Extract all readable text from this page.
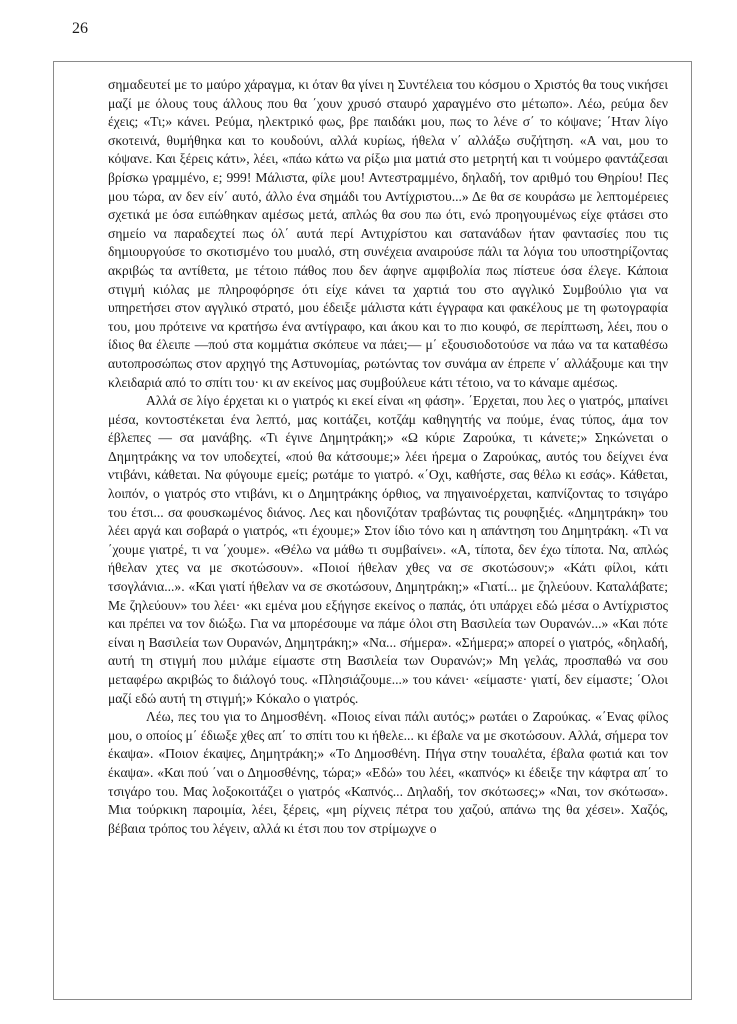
26

σημαδευτεί με το μαύρο χάραγμα, κι όταν θα γίνει η Συντέλεια του κόσμου ο Χριστός θα τους νικήσει μαζί με όλους τους άλλους που θα ΄χουν χρυσό σταυρό χαραγμένο στο μέτωπο». Λέω, ρεύμα δεν έχεις; «Τι;» κάνει. Ρεύμα, ηλεκτρικό φως, βρε παιδάκι μου, πως το λένε σ΄ το κόψανε; ΄Ηταν λίγο σκοτεινά, θυμήθηκα και το κουδούνι, αλλά κυρίως, ήθελα ν΄ αλλάξω συζήτηση. «Α ναι, μου το κόψανε. Και ξέρεις κάτι», λέει, «πάω κάτω να ρίξω μια ματιά στο μετρητή και τι νούμερο φαντάζεσαι βρίσκω γραμμένο, ε; 999! Μάλιστα, φίλε μου! Αντεστραμμένο, δηλαδή, τον αριθμό του Θηρίου! Πες μου τώρα, αν δεν είν΄ αυτό, άλλο ένα σημάδι του Αντίχριστου...» Δε θα σε κουράσω με λεπτομέρειες σχετικά με όσα ειπώθηκαν αμέσως μετά, απλώς θα σου πω ότι, ενώ προηγουμένως είχε φτάσει στο σημείο να παραδεχτεί πως όλ΄ αυτά περί Αντιχρίστου και σατανάδων ήταν φαντασίες που τις δημιουργούσε το σκοτισμένο του μυαλό, στη συνέχεια αναιρούσε πάλι τα λόγια του υποστηρίζοντας ακριβώς τα αντίθετα, με τέτοιο πάθος που δεν άφηνε αμφιβολία πως πίστευε όσα έλεγε. Κάποια στιγμή κιόλας με πληροφόρησε ότι είχε κάνει τα χαρτιά του στο αγγλικό Συμβούλιο για να υπηρετήσει στον αγγλικό στρατό, μου έδειξε μάλιστα κάτι έγγραφα και φακέλους με τη φωτογραφία του, μου πρότεινε να κρατήσω ένα αντίγραφο, και άκου και το πιο κουφό, σε περίπτωση, λέει, που ο ίδιος θα έλειπε —πού στα κομμάτια σκόπευε να πάει;— μ΄ εξουσιοδοτούσε να πάω να τα καταθέσω αυτοπροσώπως στον αρχηγό της Αστυνομίας, ρωτώντας τον συνάμα αν έπρεπε ν΄ αλλάξουμε και την κλειδαριά από το σπίτι του· κι αν εκείνος μας συμβούλευε κάτι τέτοιο, να το κάναμε αμέσως.

Αλλά σε λίγο έρχεται κι ο γιατρός κι εκεί είναι «η φάση». ΄Ερχεται, που λες ο γιατρός, μπαίνει μέσα, κοντοστέκεται ένα λεπτό, μας κοιτάζει, κοτζάμ καθηγητής να πούμε, ένας τύπος, άμα τον έβλεπες — σα μανάβης. «Τι έγινε Δημητράκη;» «Ω κύριε Ζαρούκα, τι κάνετε;» Σηκώνεται ο Δημητράκης να τον υποδεχτεί, «πού θα κάτσουμε;» λέει ήρεμα ο Ζαρούκας, αυτός του δείχνει ένα ντιβάνι, κάθεται. Να φύγουμε εμείς; ρωτάμε το γιατρό. «΄Οχι, καθήστε, σας θέλω κι εσάς». Κάθεται, λοιπόν, ο γιατρός στο ντιβάνι, κι ο Δημητράκης όρθιος, να πηγαινοέρχεται, καπνίζοντας το τσιγάρο του έτσι... σα φουσκωμένος διάνος. Λες και ηδονιζόταν τραβώντας τις ρουφηξιές. «Δημητράκη» του λέει αργά και σοβαρά ο γιατρός, «τι έχουμε;» Στον ίδιο τόνο και η απάντηση του Δημητράκη. «Τι να ΄χουμε γιατρέ, τι να ΄χουμε». «Θέλω να μάθω τι συμβαίνει». «Α, τίποτα, δεν έχω τίποτα. Να, απλώς ήθελαν χτες να με σκοτώσουν». «Ποιοί ήθελαν χθες να σε σκοτώσουν;» «Κάτι φίλοι, κάτι τσογλάνια...». «Και γιατί ήθελαν να σε σκοτώσουν, Δημητράκη;» «Γιατί... με ζηλεύουν. Καταλάβατε; Με ζηλεύουν» του λέει· «κι εμένα μου εξήγησε εκείνος ο παπάς, ότι υπάρχει εδώ μέσα ο Αντίχριστος και πρέπει να τον διώξω. Για να μπορέσουμε να πάμε όλοι στη Βασιλεία των Ουρανών...» «Και πότε είναι η Βασιλεία των Ουρανών, Δημητράκη;» «Να... σήμερα». «Σήμερα;» απορεί ο γιατρός, «δηλαδή, αυτή τη στιγμή που μιλάμε είμαστε στη Βασιλεία των Ουρανών;» Μη γελάς, προσπαθώ να σου μεταφέρω ακριβώς το διάλογό τους. «Πλησιάζουμε...» του κάνει· «είμαστε· γιατί, δεν είμαστε; ΄Ολοι μαζί εδώ αυτή τη στιγμή;» Κόκαλο ο γιατρός.

Λέω, πες του για το Δημοσθένη. «Ποιος είναι πάλι αυτός;» ρωτάει ο Ζαρούκας. «΄Ενας φίλος μου, ο οποίος μ΄ έδιωξε χθες απ΄ το σπίτι του κι ήθελε... κι έβαλε να με σκοτώσουν. Αλλά, σήμερα τον έκαψα». «Ποιον έκαψες, Δημητράκη;» «Το Δημοσθένη. Πήγα στην τουαλέτα, έβαλα φωτιά και τον έκαψα». «Και πού ΄ναι ο Δημοσθένης, τώρα;» «Εδώ» του λέει, «καπνός» κι έδειξε την κάφτρα απ΄ το τσιγάρο του. Μας λοξοκοιτάζει ο γιατρός «Καπνός... Δηλαδή, τον σκότωσες;» «Ναι, τον σκότωσα». Μια τούρκικη παροιμία, λέει, ξέρεις, «μη ρίχνεις πέτρα του χαζού, απάνω της θα χέσει». Χαζός, βέβαια τρόπος του λέγειν, αλλά κι έτσι που τον στρίμωχνε ο
